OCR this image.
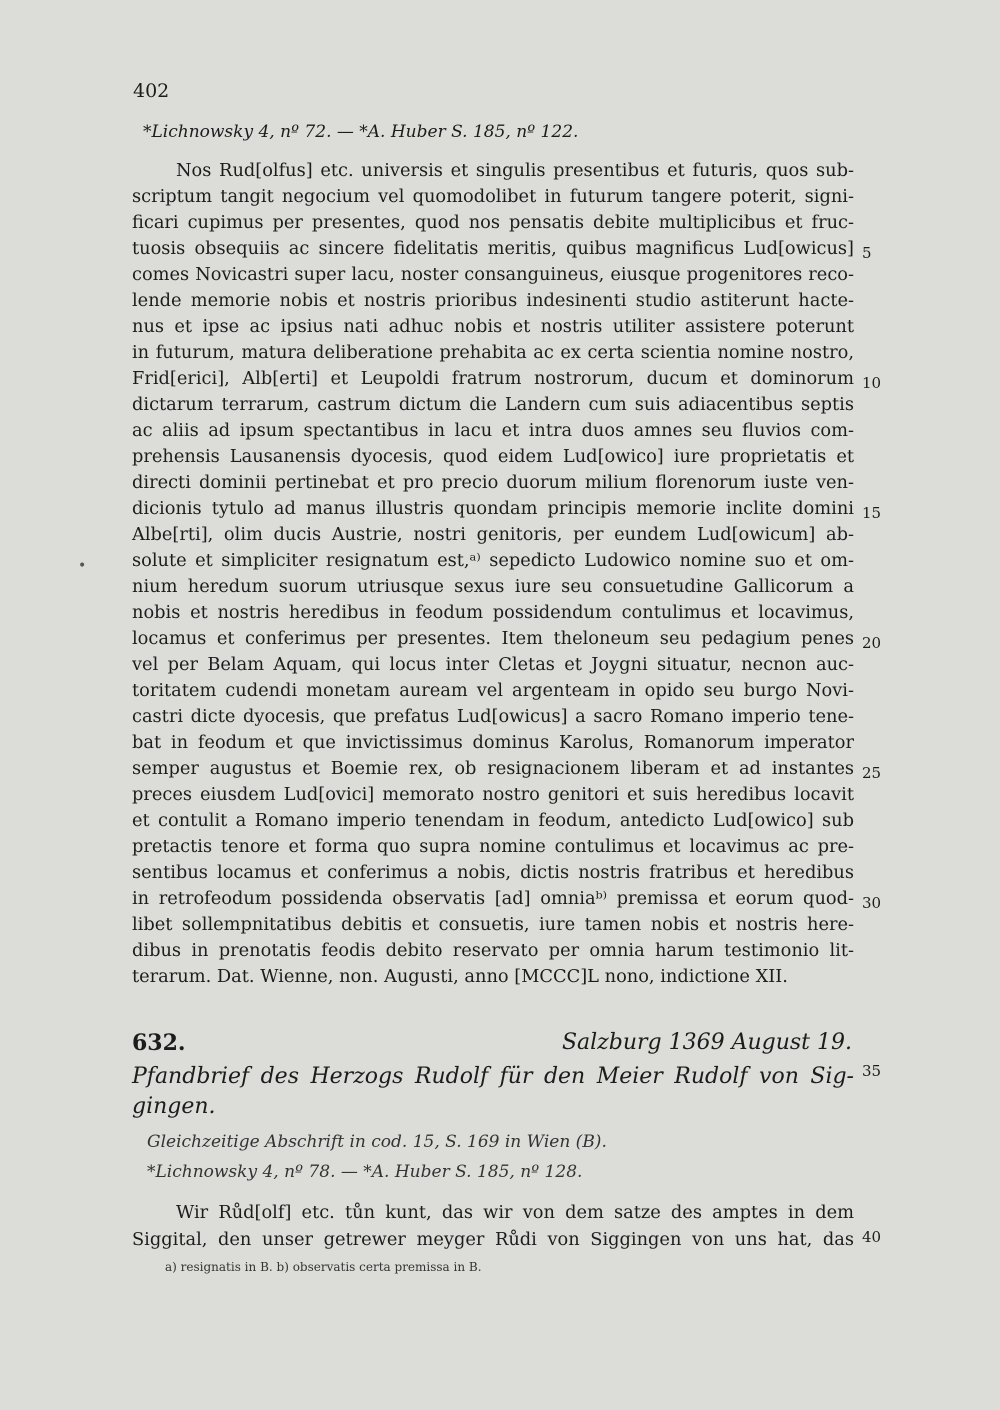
402
*Lichnowsky 4, nº 72. — *A. Huber S. 185, nº 122.
Nos Rud[olfus] etc. universis et singulis presentibus et futuris, quos sub-
scriptum tangit negocium vel quomodolibet in futurum tangere poterit, signi-
ficari cupimus per presentes, quod nos pensatis debite multiplicibus et fruc-
tuosis obsequiis ac sincere fidelitatis meritis, quibus magnificus Lud[owicus]
comes Novicastri super lacu, noster consanguineus, eiusque progenitores reco-
lende memorie nobis et nostris prioribus indesinenti studio astiterunt hacte-
nus et ipse ac ipsius nati adhuc nobis et nostris utiliter assistere poterunt
in futurum, matura deliberatione prehabita ac ex certa scientia nomine nostro,
Frid[erici], Alb[erti] et Leupoldi fratrum nostrorum, ducum et dominorum
dictarum terrarum, castrum dictum die Landern cum suis adiacentibus septis
ac aliis ad ipsum spectantibus in lacu et intra duos amnes seu fluvios com-
prehensis Lausanensis dyocesis, quod eidem Lud[owico] iure proprietatis et
directi dominii pertinebat et pro precio duorum milium florenorum iuste ven-
dicionis tytulo ad manus illustris quondam principis memorie inclite domini
Albe[rti], olim ducis Austrie, nostri genitoris, per eundem Lud[owicum] ab-
solute et simpliciter resignatum est,ᵃ⁾ sepedicto Ludowico nomine suo et om-
nium heredum suorum utriusque sexus iure seu consuetudine Gallicorum a
nobis et nostris heredibus in feodum possidendum contulimus et locavimus,
locamus et conferimus per presentes. Item theloneum seu pedagium penes
vel per Belam Aquam, qui locus inter Cletas et Joygni situatur, necnon auc-
toritatem cudendi monetam auream vel argenteam in opido seu burgo Novi-
castri dicte dyocesis, que prefatus Lud[owicus] a sacro Romano imperio tene-
bat in feodum et que invictissimus dominus Karolus, Romanorum imperator
semper augustus et Boemie rex, ob resignacionem liberam et ad instantes
preces eiusdem Lud[ovici] memorato nostro genitori et suis heredibus locavit
et contulit a Romano imperio tenendam in feodum, antedicto Lud[owico] sub
pretactis tenore et forma quo supra nomine contulimus et locavimus ac pre-
sentibus locamus et conferimus a nobis, dictis nostris fratribus et heredibus
in retrofeodum possidenda observatis [ad] omniaᵇ⁾ premissa et eorum quod-
libet sollempnitatibus debitis et consuetis, iure tamen nobis et nostris here-
dibus in prenotatis feodis debito reservato per omnia harum testimonio lit-
terarum. Dat. Wienne, non. Augusti, anno [MCCC]L nono, indictione XII.
5
10
15
20
25
30
35
40
632.	Salzburg 1369 August 19.
Pfandbrief des Herzogs Rudolf für den Meier Rudolf von Sig-
gingen.
Gleichzeitige Abschrift in cod. 15, S. 169 in Wien (B).
*Lichnowsky 4, nº 78. — *A. Huber S. 185, nº 128.
Wir Růd[olf] etc. tůn kunt, das wir von dem satze des amptes in dem
Siggital, den unser getrewer meyger Růdi von Siggingen von uns hat, das
a) resignatis in B. b) observatis certa premissa in B.
•
